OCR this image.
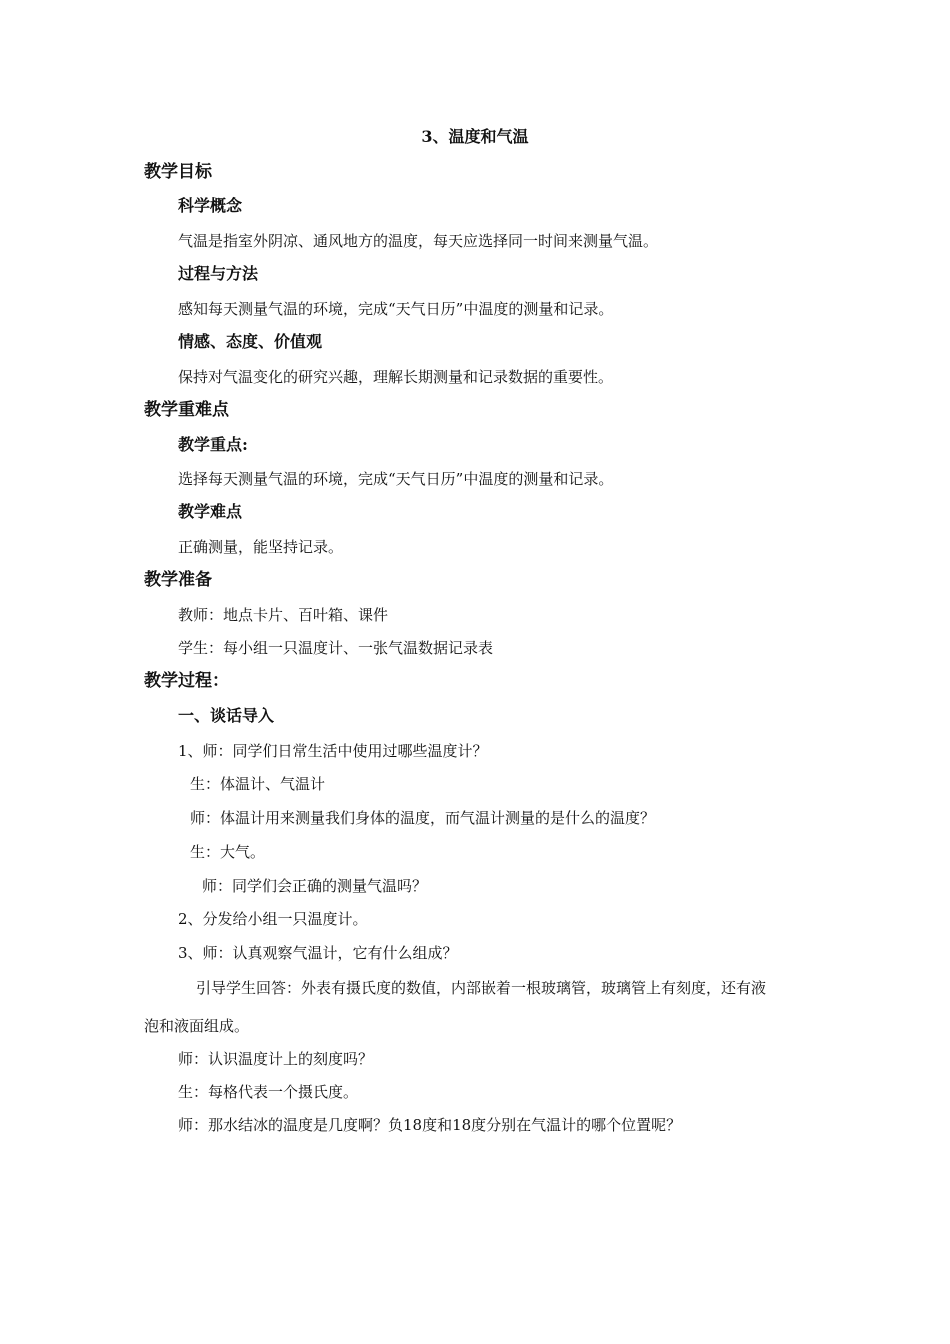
3、温度和气温
教学目标
科学概念
气温是指室外阴凉、通风地方的温度，每天应选择同一时间来测量气温。
过程与方法
感知每天测量气温的环境，完成“天气日历”中温度的测量和记录。
情感、态度、价值观
保持对气温变化的研究兴趣，理解长期测量和记录数据的重要性。
教学重难点
教学重点:
选择每天测量气温的环境，完成“天气日历”中温度的测量和记录。
教学难点
正确测量，能坚持记录。
教学准备
教师：地点卡片、百叶箱、课件
学生：每小组一只温度计、一张气温数据记录表
教学过程：
一、谈话导入
1、师：同学们日常生活中使用过哪些温度计？
生：体温计、气温计
师：体温计用来测量我们身体的温度，而气温计测量的是什么的温度？
生：大气。
师：同学们会正确的测量气温吗？
2、分发给小组一只温度计。
3、师：认真观察气温计，它有什么组成？
引导学生回答：外表有摄氏度的数值，内部嵌着一根玻璃管，玻璃管上有刻度，还有液
泡和液面组成。
师：认识温度计上的刻度吗？
生：每格代表一个摄氏度。
师：那水结冰的温度是几度啊？负18度和18度分别在气温计的哪个位置呢？
